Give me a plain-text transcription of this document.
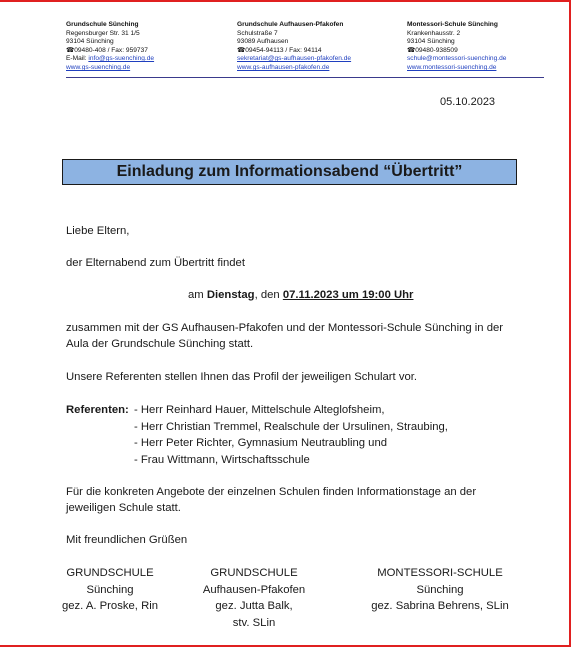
Grundschule Sünching
Regensburger Str. 31 1/5
93104 Sünching
☎09480-408 / Fax: 959737
E-Mail: info@gs-suenching.de
www.gs-suenching.de
Grundschule Aufhausen-Pfakofen
Schulstraße 7
93089 Aufhausen
☎09454-94113 / Fax: 94114
sekretariat@gs-aufhausen-pfakofen.de
www.gs-aufhausen-pfakofen.de
Montessori-Schule Sünching
Krankenhausstr. 2
93104 Sünching
☎09480-938509
schule@montessori-suenching.de
www.montessori-suenching.de
05.10.2023
Einladung zum Informationsabend “Übertritt”
Liebe Eltern,
der Elternabend zum Übertritt findet
am Dienstag, den 07.11.2023 um 19:00 Uhr
zusammen mit der GS Aufhausen-Pfakofen und der Montessori-Schule Sünching in der
Aula der Grundschule Sünching statt.
Unsere Referenten stellen Ihnen das Profil der jeweiligen Schulart vor.
Referenten: - Herr Reinhard Hauer, Mittelschule Alteglofsheim,
- Herr Christian Tremmel, Realschule der Ursulinen, Straubing,
- Herr Peter Richter, Gymnasium Neutraubling und
- Frau Wittmann, Wirtschaftsschule
Für die konkreten Angebote der einzelnen Schulen finden Informationstage an der
jeweiligen Schule statt.
Mit freundlichen Grüßen
GRUNDSCHULE
Sünching
gez. A. Proske, Rin
GRUNDSCHULE
Aufhausen-Pfakofen
gez. Jutta Balk,
stv. SLin
MONTESSORI-SCHULE
Sünching
gez. Sabrina Behrens, SLin
